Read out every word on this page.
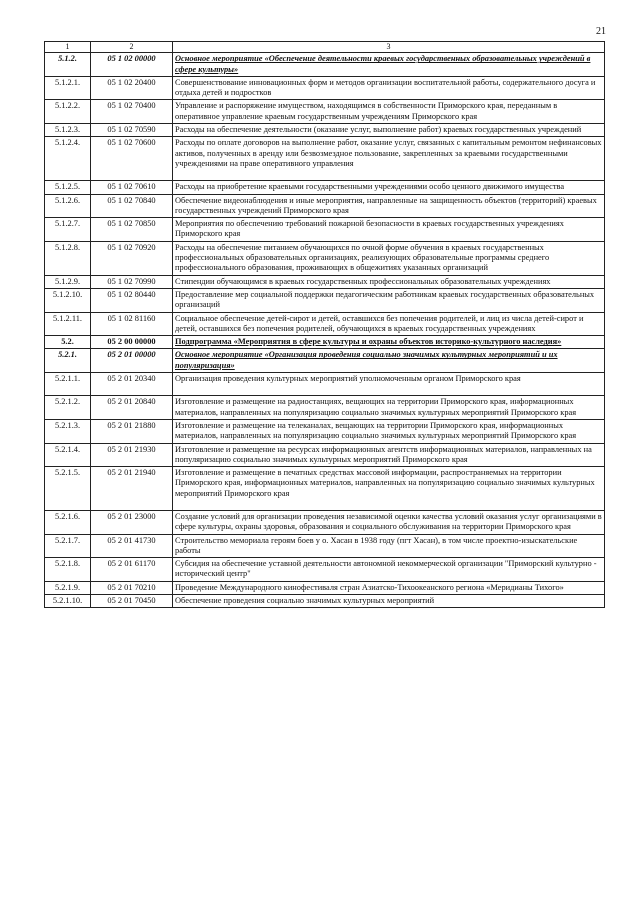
21
1	2	3
5.1.2.	05 1 02 00000	Основное мероприятие «Обеспечение деятельности краевых государственных образовательных учреждений в сфере культуры»
5.1.2.1.	05 1 02 20400	Совершенствование инновационных форм и методов организации воспитательной работы, содержательного досуга и отдыха детей и подростков
5.1.2.2.	05 1 02 70400	Управление и распоряжение имуществом, находящимся в собственности Приморского края, переданным в оперативное управление краевым государственным учреждениям Приморского края
5.1.2.3.	05 1 02 70590	Расходы на обеспечение деятельности (оказание услуг, выполнение работ) краевых государственных учреждений
5.1.2.4.	05 1 02 70600	Расходы по оплате договоров на выполнение работ, оказание услуг, связанных с капитальным ремонтом нефинансовых активов, полученных в аренду или безвозмездное пользование, закрепленных за краевыми государственными учреждениями на праве оперативного управления
5.1.2.5.	05 1 02 70610	Расходы на приобретение краевыми государственными учреждениями особо ценного движимого имущества
5.1.2.6.	05 1 02 70840	Обеспечение видеонаблюдения и иные мероприятия, направленные на защищенность объектов (территорий) краевых государственных учреждений Приморского края
5.1.2.7.	05 1 02 70850	Мероприятия по обеспечению требований пожарной безопасности в краевых государственных учреждениях Приморского края
5.1.2.8.	05 1 02 70920	Расходы на обеспечение питанием обучающихся по очной форме обучения в краевых государственных профессиональных образовательных организациях, реализующих образовательные программы среднего профессионального образования, проживающих в общежитиях указанных организаций
5.1.2.9.	05 1 02 70990	Стипендии обучающимся в краевых государственных профессиональных образовательных учреждениях
5.1.2.10.	05 1 02 80440	Предоставление мер социальной поддержки педагогическим работникам краевых государственных образовательных организаций
5.1.2.11.	05 1 02 81160	Социальное обеспечение детей-сирот и детей, оставшихся без попечения родителей, и лиц из числа детей-сирот и детей, оставшихся без попечения родителей, обучающихся в краевых государственных учреждениях
5.2.	05 2 00 00000	Подпрограмма «Мероприятия в сфере культуры и охраны объектов историко-культурного наследия»
5.2.1.	05 2 01 00000	Основное мероприятие «Организация проведения социально значимых культурных мероприятий и их популяризация»
5.2.1.1.	05 2 01 20340	Организация проведения культурных мероприятий уполномоченным органом Приморского края
5.2.1.2.	05 2 01 20840	Изготовление и размещение на радиостанциях, вещающих на территории Приморского края, информационных материалов, направленных на популяризацию социально значимых культурных мероприятий Приморского края
5.2.1.3.	05 2 01 21880	Изготовление и размещение на телеканалах, вещающих на территории Приморского края, информационных материалов, направленных на популяризацию социально значимых культурных мероприятий Приморского края
5.2.1.4.	05 2 01 21930	Изготовление и размещение на ресурсах информационных агентств информационных материалов, направленных на популяризацию социально значимых культурных мероприятий Приморского края
5.2.1.5.	05 2 01 21940	Изготовление и размещение в печатных средствах массовой информации, распространяемых на территории Приморского края, информационных материалов, направленных на популяризацию социально значимых культурных мероприятий Приморского края
5.2.1.6.	05 2 01 23000	Создание условий для организации проведения независимой оценки качества условий оказания услуг организациями в сфере культуры, охраны здоровья, образования и социального обслуживания на территории Приморского края
5.2.1.7.	05 2 01 41730	Строительство мемориала героям боев у о. Хасан в 1938 году (пгт Хасан), в том числе проектно-изыскательские работы
5.2.1.8.	05 2 01 61170	Субсидия на обеспечение уставной деятельности автономной некоммерческой организации "Приморский культурно - исторический центр"
5.2.1.9.	05 2 01 70210	Проведение Международного кинофестиваля стран Азиатско-Тихоокеанского региона «Меридианы Тихого»
5.2.1.10.	05 2 01 70450	Обеспечение проведения социально значимых культурных мероприятий
